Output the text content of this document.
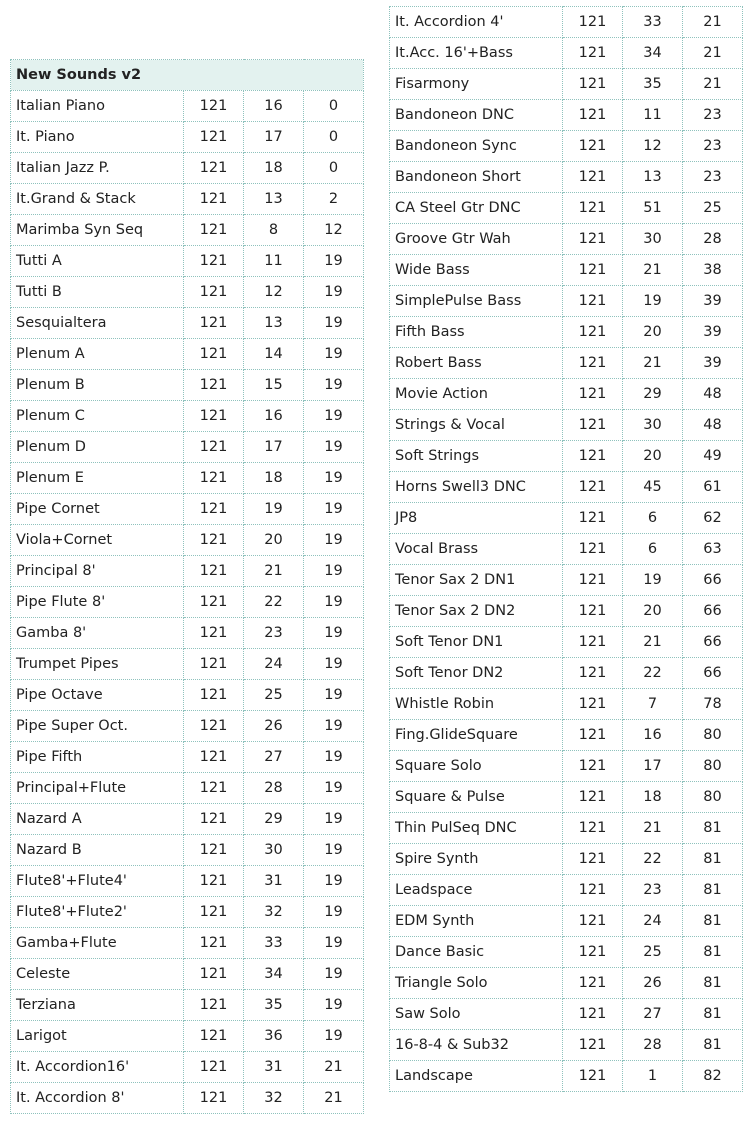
New Sounds v2			
Italian Piano	121	16	0
It. Piano	121	17	0
Italian Jazz P.	121	18	0
It.Grand & Stack	121	13	2
Marimba Syn Seq	121	8	12
Tutti A	121	11	19
Tutti B	121	12	19
Sesquialtera	121	13	19
Plenum A	121	14	19
Plenum B	121	15	19
Plenum C	121	16	19
Plenum D	121	17	19
Plenum E	121	18	19
Pipe Cornet	121	19	19
Viola+Cornet	121	20	19
Principal 8'	121	21	19
Pipe Flute 8'	121	22	19
Gamba 8'	121	23	19
Trumpet Pipes	121	24	19
Pipe Octave	121	25	19
Pipe Super Oct.	121	26	19
Pipe Fifth	121	27	19
Principal+Flute	121	28	19
Nazard A	121	29	19
Nazard B	121	30	19
Flute8'+Flute4'	121	31	19
Flute8'+Flute2'	121	32	19
Gamba+Flute	121	33	19
Celeste	121	34	19
Terziana	121	35	19
Larigot	121	36	19
It. Accordion16'	121	31	21
It. Accordion 8'	121	32	21
It. Accordion 4'	121	33	21
It.Acc. 16'+Bass	121	34	21
Fisarmony	121	35	21
Bandoneon DNC	121	11	23
Bandoneon Sync	121	12	23
Bandoneon Short	121	13	23
CA Steel Gtr DNC	121	51	25
Groove Gtr Wah	121	30	28
Wide Bass	121	21	38
SimplePulse Bass	121	19	39
Fifth Bass	121	20	39
Robert Bass	121	21	39
Movie Action	121	29	48
Strings & Vocal	121	30	48
Soft Strings	121	20	49
Horns Swell3 DNC	121	45	61
JP8	121	6	62
Vocal Brass	121	6	63
Tenor Sax 2 DN1	121	19	66
Tenor Sax 2 DN2	121	20	66
Soft Tenor DN1	121	21	66
Soft Tenor DN2	121	22	66
Whistle Robin	121	7	78
Fing.GlideSquare	121	16	80
Square Solo	121	17	80
Square & Pulse	121	18	80
Thin PulSeq DNC	121	21	81
Spire Synth	121	22	81
Leadspace	121	23	81
EDM Synth	121	24	81
Dance Basic	121	25	81
Triangle Solo	121	26	81
Saw Solo	121	27	81
16-8-4 & Sub32	121	28	81
Landscape	121	1	82
